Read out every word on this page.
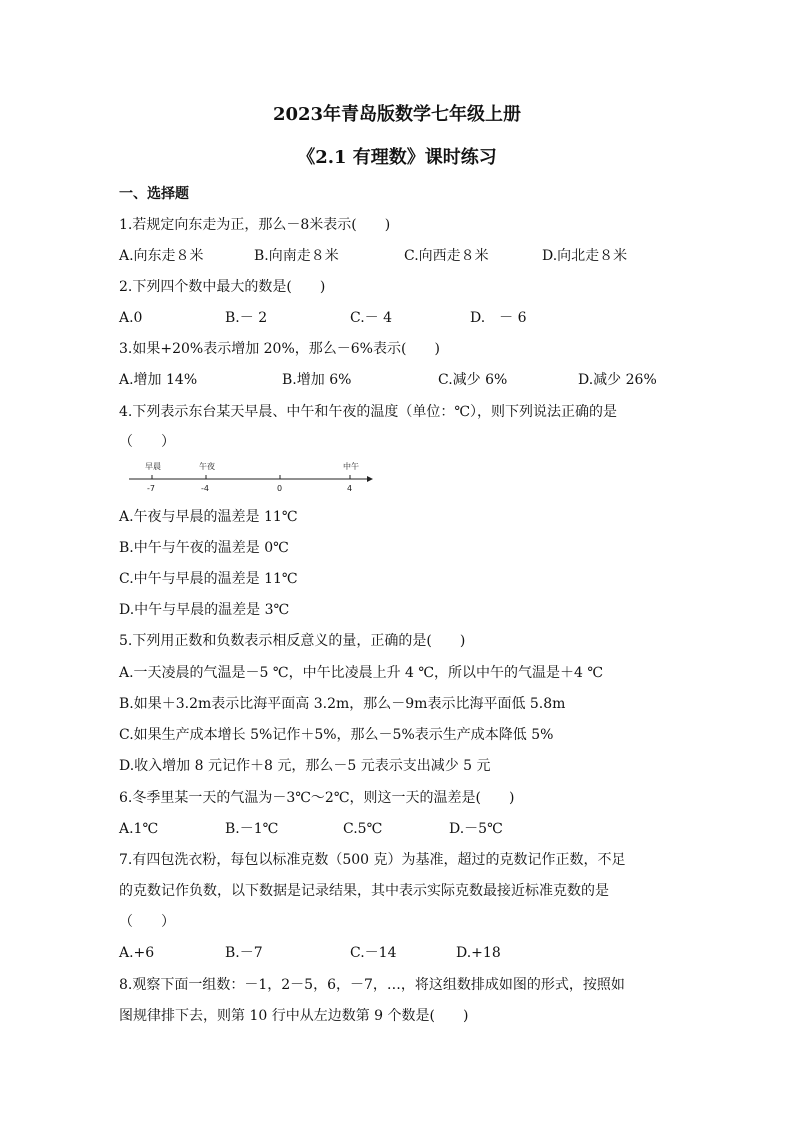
2023年青岛版数学七年级上册
《2.1 有理数》课时练习
一、选择题
1.若规定向东走为正，那么－8米表示(　　)
A.向东走８米	B.向南走８米	C.向西走８米	D.向北走８米
2.下列四个数中最大的数是(　　)
A.0	B.－ 2	C.－ 4	D.　－ 6
3.如果+20%表示增加 20%，那么－6%表示(　　)
A.增加 14%	B.增加 6%	C.减少 6%	D.减少 26%
4.下列表示东台某天早晨、中午和午夜的温度（单位：℃），则下列说法正确的是
（　　）
早晨	午夜	中午
-7	-4	0	4
A.午夜与早晨的温差是 11℃
B.中午与午夜的温差是 0℃
C.中午与早晨的温差是 11℃
D.中午与早晨的温差是 3℃
5.下列用正数和负数表示相反意义的量，正确的是(　　)
A.一天凌晨的气温是－5 ℃，中午比凌晨上升 4 ℃，所以中午的气温是＋4 ℃
B.如果＋3.2m表示比海平面高 3.2m，那么－9m表示比海平面低 5.8m
C.如果生产成本增长 5%记作＋5%，那么－5%表示生产成本降低 5%
D.收入增加 8 元记作＋8 元，那么－5 元表示支出减少 5 元
6.冬季里某一天的气温为－3℃～2℃，则这一天的温差是(　　)
A.1℃	B.－1℃	C.5℃	D.－5℃
7.有四包洗衣粉，每包以标准克数（500 克）为基准，超过的克数记作正数，不足
的克数记作负数，以下数据是记录结果，其中表示实际克数最接近标准克数的是
（　　）
A.+6	B.－7	C.－14	D.+18
8.观察下面一组数：－1，2－5，6，－7，…，将这组数排成如图的形式，按照如
图规律排下去，则第 10 行中从左边数第 9 个数是(　　)
